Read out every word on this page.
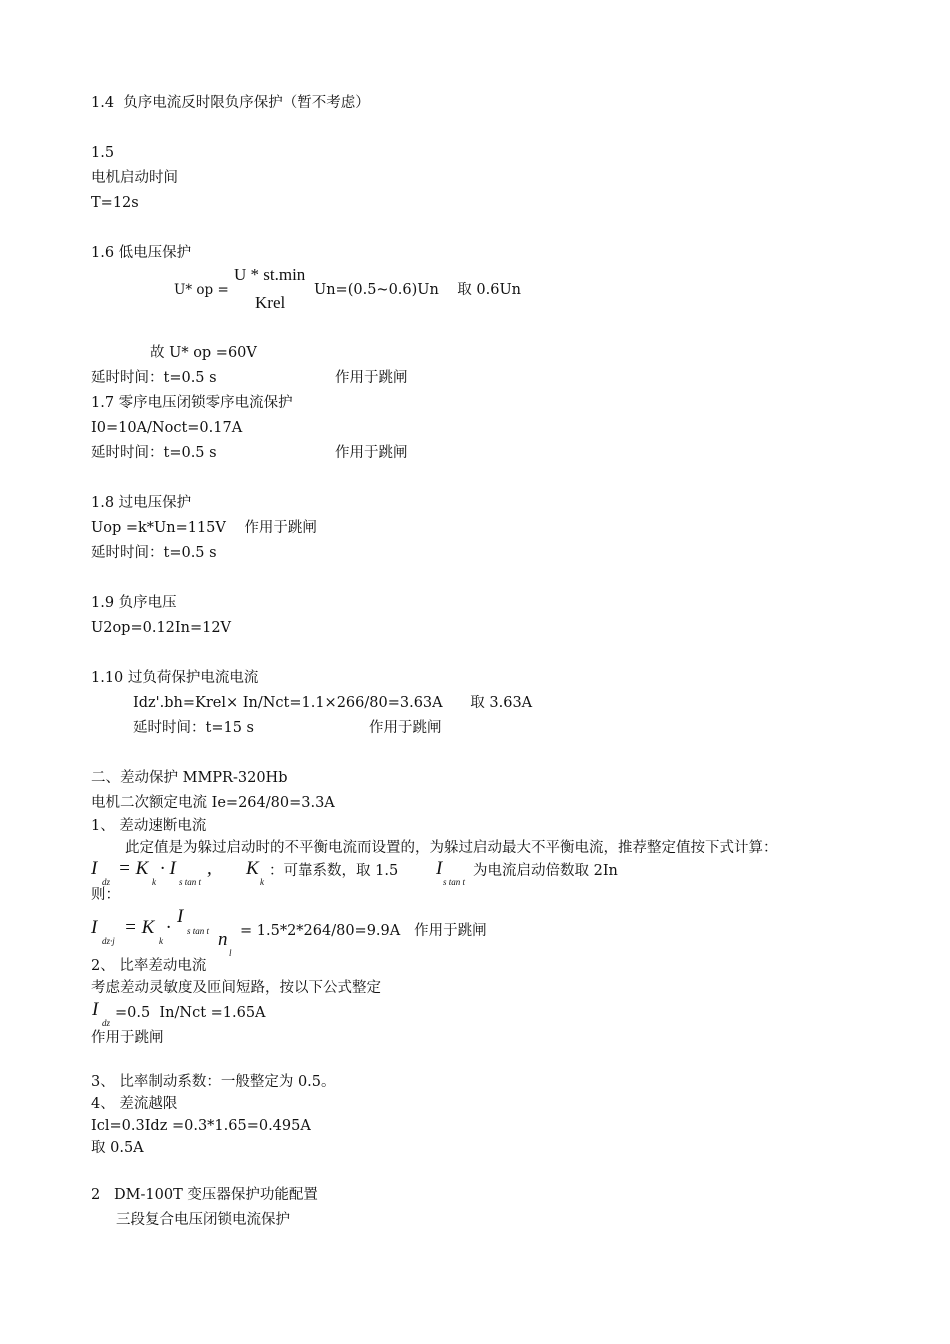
1.4  负序电流反时限负序保护（暂不考虑）
1.5
电机启动时间
T=12s
1.6 低电压保护
U* op =
U * st.min
Krel
Un=(0.5~0.6)Un    取 0.6Un
故 U* op =60V
延时时间：t=0.5 s	作用于跳闸
1.7 零序电压闭锁零序电流保护
I0=10A/Noct=0.17A
延时时间：t=0.5 s	作用于跳闸
1.8 过电压保护
Uop =k*Un=115V    作用于跳闸
延时时间：t=0.5 s
1.9 负序电压
U2op=0.12In=12V
1.10 过负荷保护电流电流
Idz'.bh=Krel× In/Nct=1.1×266/80=3.63A      取 3.63A
延时时间：t=15 s	作用于跳闸
二、差动保护 MMPR-320Hb
电机二次额定电流 Ie=264/80=3.3A
1、 差动速断电流
此定值是为躲过启动时的不平衡电流而设置的，为躲过启动最大不平衡电流，推荐整定值按下式计算：
I
dz
= K
k
· I
s tan t
, K
k
：可靠系数，取 1.5 I
s tan t
为电流启动倍数取 2In
则：
I
dz·j
= K
k
·
I
s tan t n
l
= 1.5*2*264/80=9.9A   作用于跳闸
2、 比率差动电流
考虑差动灵敏度及匝间短路，按以下公式整定
I
dz
=0.5  In/Nct =1.65A
作用于跳闸
3、 比率制动系数：一般整定为 0.5。
4、 差流越限
Icl=0.3Idz =0.3*1.65=0.495A
取 0.5A
2   DM-100T 变压器保护功能配置
三段复合电压闭锁电流保护
